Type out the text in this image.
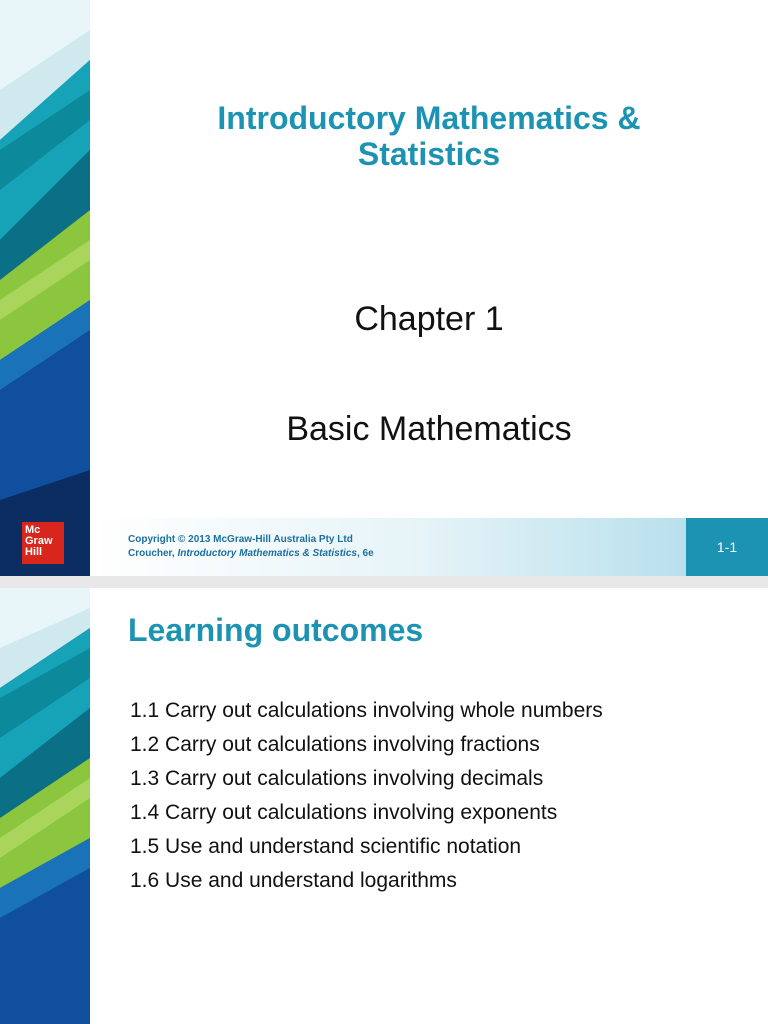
Introductory Mathematics &
Statistics
Chapter 1
Basic Mathematics
Mc
Graw
Hill
Copyright © 2013 McGraw-Hill Australia Pty Ltd
Croucher, Introductory Mathematics & Statistics, 6e	1-1
Learning outcomes
1.1 Carry out calculations involving whole numbers
1.2 Carry out calculations involving fractions
1.3 Carry out calculations involving decimals
1.4 Carry out calculations involving exponents
1.5 Use and understand scientific notation
1.6 Use and understand logarithms
